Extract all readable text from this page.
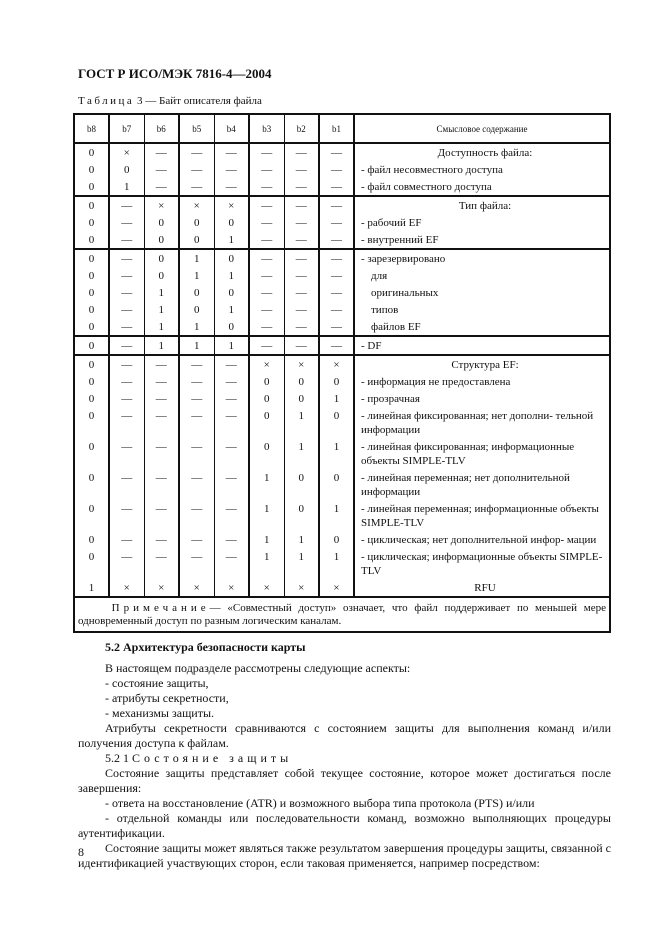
ГОСТ Р ИСО/МЭК 7816-4—2004
Таблица 3 — Байт описателя файла
b8	b7	b6	b5	b4	b3	b2	b1	Смысловое содержание
0	×	—	—	—	—	—	—	Доступность файла:
0	0	—	—	—	—	—	—	- файл несовместного доступа
0	1	—	—	—	—	—	—	- файл совместного доступа
0	—	×	×	×	—	—	—	Тип файла:
0	—	0	0	0	—	—	—	- рабочий EF
0	—	0	0	1	—	—	—	- внутренний EF
0	—	0	1	0	—	—	—	- зарезервировано
0	—	0	1	1	—	—	—	для
0	—	1	0	0	—	—	—	оригинальных
0	—	1	0	1	—	—	—	типов
0	—	1	1	0	—	—	—	файлов EF
0	—	1	1	1	—	—	—	- DF
0	—	—	—	—	×	×	×	Структура EF:
0	—	—	—	—	0	0	0	- информация не предоставлена
0	—	—	—	—	0	0	1	- прозрачная
0	—	—	—	—	0	1	0	- линейная фиксированная; нет дополни- тельной информации
0	—	—	—	—	0	1	1	- линейная фиксированная; информационные объекты SIMPLE-TLV
0	—	—	—	—	1	0	0	- линейная переменная; нет дополнительной информации
0	—	—	—	—	1	0	1	- линейная переменная; информационные объекты SIMPLE-TLV
0	—	—	—	—	1	1	0	- циклическая; нет дополнительной инфор- мации
0	—	—	—	—	1	1	1	- циклическая; информационные объекты SIMPLE-TLV
1	×	×	×	×	×	×	×	RFU
Примечание— «Совместный доступ» означает, что файл поддерживает по меньшей мере одновременный доступ по разным логическим каналам.								
5.2 Архитектура безопасности карты

В настоящем подразделе рассмотрены следующие аспекты:

- состояние защиты,

- атрибуты секретности,

- механизмы защиты.

Атрибуты секретности сравниваются с состоянием защиты для выполнения команд и/или получения доступа к файлам.

5.2 1 Состояние защиты

Состояние защиты представляет собой текущее состояние, которое может достигаться после завершения:

- ответа на восстановление (ATR) и возможного выбора типа протокола (PTS) и/или

- отдельной команды или последовательности команд, возможно выполняющих процедуры аутентификации.

Состояние защиты может являться также результатом завершения процедуры защиты, связанной с идентификацией участвующих сторон, если таковая применяется, например посредством:

8
